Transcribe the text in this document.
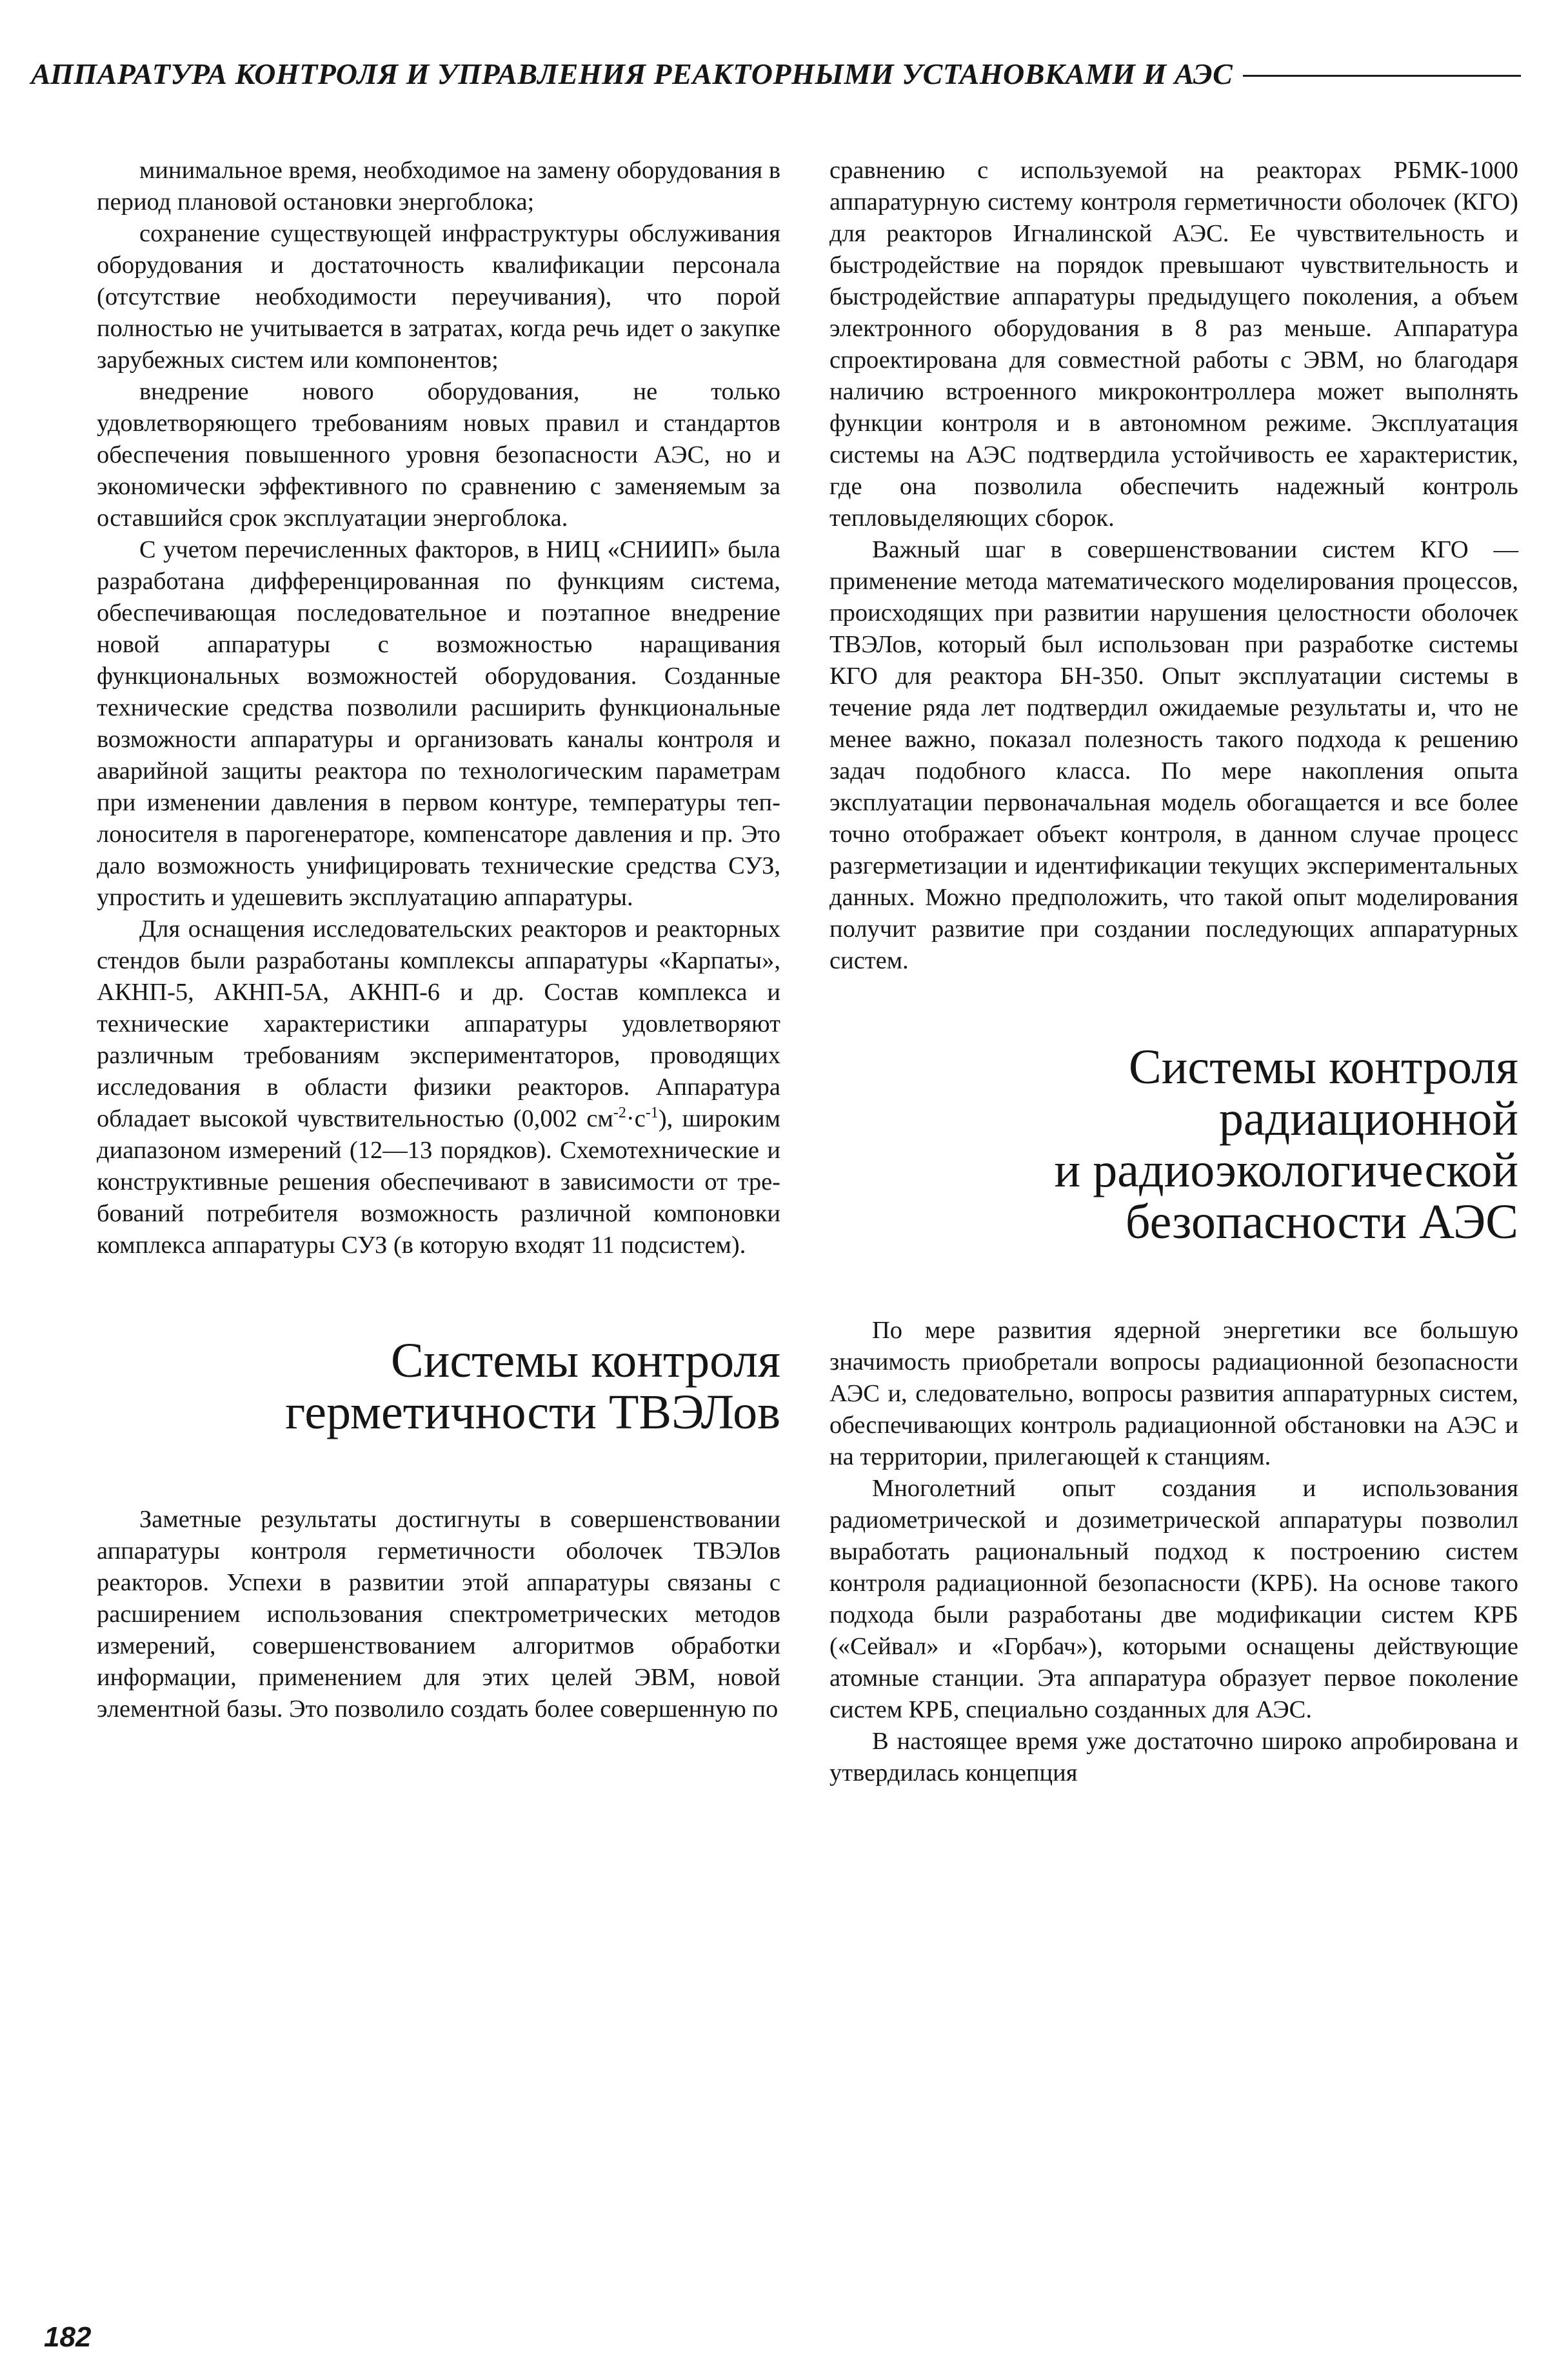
АППАРАТУРА КОНТРОЛЯ И УПРАВЛЕНИЯ РЕАКТОРНЫМИ УСТАНОВКАМИ И АЭС

минимальное время, необходимое на замену оборудования в период плановой остановки энергоблока;

сохранение существующей инфраструктуры обслуживания оборудования и достаточность квалификации персонала (отсутствие необходимости переучивания), что порой полностью не учитывается в затратах, когда речь идет о закупке зарубежных систем или компонентов;

внедрение нового оборудования, не только удовлетворяющего требованиям новых правил и стандартов обеспечения повышенного уровня безопасности АЭС, но и экономически эффективного по сравнению с заменяемым за оставшийся срок эксплуатации энергоблока.

С учетом перечисленных факторов, в НИЦ «СНИИП» была разработана дифференцированная по функциям система, обеспечивающая последовательное и поэтапное внедрение новой аппаратуры с возможностью наращивания функциональных возможностей оборудования. Созданные технические средства позволили расширить функциональные возможности аппаратуры и организовать каналы контроля и аварийной защиты реактора по технологическим параметрам при изменении давления в первом контуре, температуры теплоносителя в парогенераторе, компенсаторе давления и пр. Это дало возможность унифицировать технические средства СУЗ, упростить и удешевить эксплуатацию аппаратуры.

Для оснащения исследовательских реакторов и реакторных стендов были разработаны комплексы аппаратуры «Карпаты», АКНП-5, АКНП-5А, АКНП-6 и др. Состав комплекса и технические характеристики аппаратуры удовлетворяют различным требованиям экспериментаторов, проводящих исследования в области физики реакторов. Аппаратура обладает высокой чувствительностью (0,002 $см^{-2}\cdot с^{-1}$), широким диапазоном измерений (12—13 порядков). Схемотехнические и конструктивные решения обеспечивают в зависимости от требований потребителя возможность различной компоновки комплекса аппаратуры СУЗ (в которую входят 11 подсистем).

Системы контроля
герметичности ТВЭЛов

Заметные результаты достигнуты в совершенствовании аппаратуры контроля герметичности оболочек ТВЭЛов реакторов. Успехи в развитии этой аппаратуры связаны с расширением использования спектрометрических методов измерений, совершенствованием алгоритмов обработки информации, применением для этих целей ЭВМ, новой элементной базы. Это позволило создать более совершенную по

сравнению с используемой на реакторах РБМК-1000 аппаратурную систему контроля герметичности оболочек (КГО) для реакторов Игналинской АЭС. Ее чувствительность и быстродействие на порядок превышают чувствительность и быстродействие аппаратуры предыдущего поколения, а объем электронного оборудования в 8 раз меньше. Аппаратура спроектирована для совместной работы с ЭВМ, но благодаря наличию встроенного микроконтроллера может выполнять функции контроля и в автономном режиме. Эксплуатация системы на АЭС подтвердила устойчивость ее характеристик, где она позволила обеспечить надежный контроль тепловыделяющих сборок.

Важный шаг в совершенствовании систем КГО — применение метода математического моделирования процессов, происходящих при развитии нарушения целостности оболочек ТВЭЛов, который был использован при разработке системы КГО для реактора БН-350. Опыт эксплуатации системы в течение ряда лет подтвердил ожидаемые результаты и, что не менее важно, показал полезность такого подхода к решению задач подобного класса. По мере накопления опыта эксплуатации первоначальная модель обогащается и все более точно отображает объект контроля, в данном случае процесс разгерметизации и идентификации текущих экспериментальных данных. Можно предположить, что такой опыт моделирования получит развитие при создании последующих аппаратурных систем.

Системы контроля
радиационной
и радиоэкологической
безопасности АЭС

По мере развития ядерной энергетики все большую значимость приобретали вопросы радиационной безопасности АЭС и, следовательно, вопросы развития аппаратурных систем, обеспечивающих контроль радиационной обстановки на АЭС и на территории, прилегающей к станциям.

Многолетний опыт создания и использования радиометрической и дозиметрической аппаратуры позволил выработать рациональный подход к построению систем контроля радиационной безопасности (КРБ). На основе такого подхода были разработаны две модификации систем КРБ («Сейвал» и «Горбач»), которыми оснащены действующие атомные станции. Эта аппаратура образует первое поколение систем КРБ, специально созданных для АЭС.

В настоящее время уже достаточно широко апробирована и утвердилась концепция

182
